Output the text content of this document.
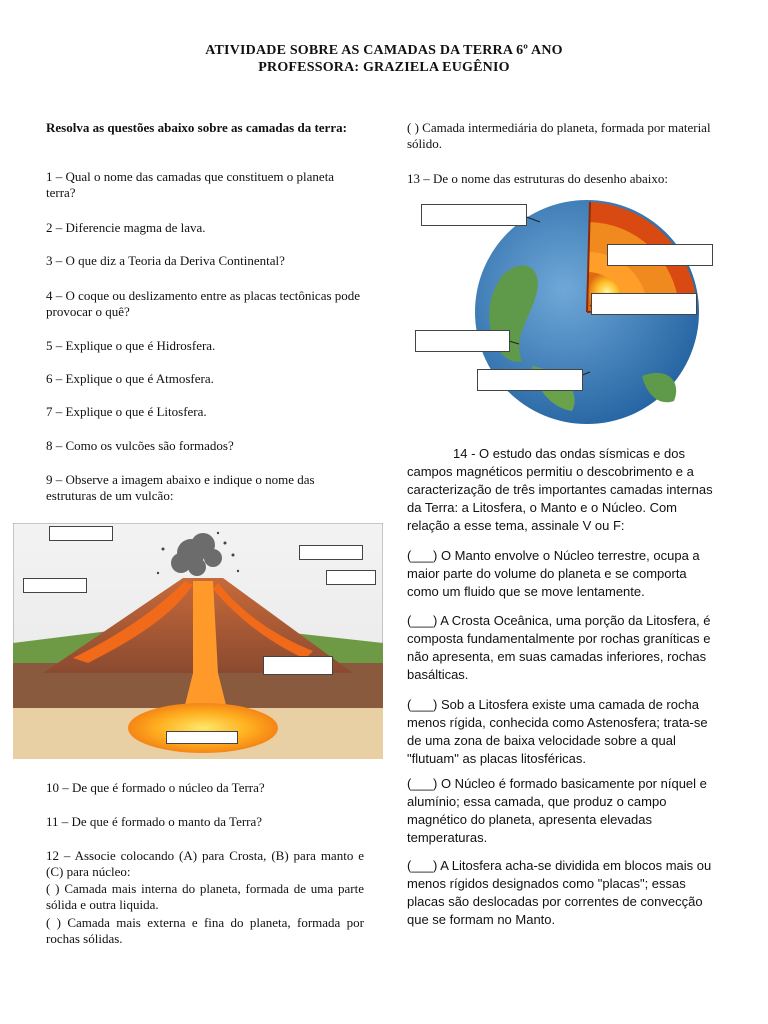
ATIVIDADE SOBRE AS CAMADAS DA TERRA 6º ANO
PROFESSORA: GRAZIELA EUGÊNIO

Resolva as questões abaixo sobre as camadas da terra:

1 – Qual o nome das camadas que constituem o planeta terra?

2 – Diferencie magma de lava.

3 – O que diz a Teoria da Deriva Continental?

4 – O coque ou deslizamento entre as placas tectônicas pode provocar o quê?

5 – Explique o que é Hidrosfera.

6 – Explique o que é Atmosfera.

7 – Explique o que é Litosfera.

8 – Como os vulcões são formados?

9 – Observe a imagem abaixo e indique o nome das estruturas de um vulcão:

10 – De que é formado o núcleo da Terra?

11 – De que é formado o manto da Terra?

12 – Associe colocando (A) para Crosta, (B) para manto e (C) para núcleo:

( ) Camada mais interna do planeta, formada de uma parte sólida e outra liquida.

( ) Camada mais externa e fina do planeta, formada por rochas sólidas.

( ) Camada intermediária do planeta, formada por material sólido.

13 – De o nome das estruturas do desenho abaixo:

14 - O estudo das ondas sísmicas e dos campos magnéticos permitiu o descobrimento e a caracterização de três importantes camadas internas da Terra: a Litosfera, o Manto e o Núcleo. Com relação a esse tema, assinale V ou F:

(___) O Manto envolve o Núcleo terrestre, ocupa a maior parte do volume do planeta e se comporta como um fluido que se move lentamente.

(___) A Crosta Oceânica, uma porção da Litosfera, é composta fundamentalmente por rochas graníticas e não apresenta, em suas camadas inferiores, rochas basálticas.

(___) Sob a Litosfera existe uma camada de rocha menos rígida, conhecida como Astenosfera; trata-se de uma zona de baixa velocidade sobre a qual "flutuam" as placas litosféricas.

(___) O Núcleo é formado basicamente por níquel e alumínio; essa camada, que produz o campo magnético do planeta, apresenta elevadas temperaturas.

(___) A Litosfera acha-se dividida em blocos mais ou menos rígidos designados como "placas"; essas placas são deslocadas por correntes de convecção que se formam no Manto.
